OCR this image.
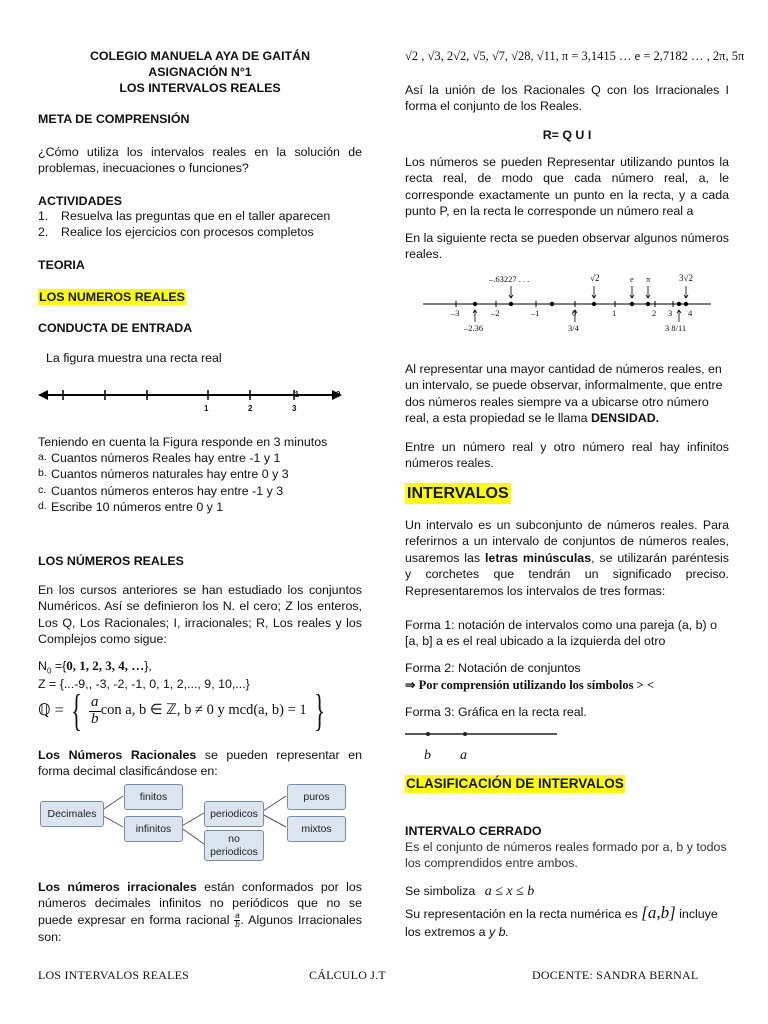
COLEGIO MANUELA AYA DE GAITÁN
ASIGNACIÓN N°1
LOS INTERVALOS REALES
META DE COMPRENSIÓN
¿Cómo utiliza los intervalos reales en la solución de problemas, inecuaciones o funciones?
ACTIVIDADES
1. Resuelva las preguntas que en el taller aparecen
2. Realice los ejercicios con procesos completos
TEORIA
LOS NUMEROS REALES
CONDUCTA DE ENTRADA
La figura muestra una recta real
-1	0
1	2	3
Teniendo en cuenta la Figura responde en 3 minutos
a. Cuantos números Reales hay entre -1 y 1
b. Cuantos números naturales hay entre 0 y 3
c. Cuantos números enteros hay entre -1 y 3
d. Escribe 10 números entre 0 y 1
LOS NÚMEROS REALES
En los cursos anteriores se han estudiado los conjuntos Numéricos. Así se definieron los N. el cero; Z los enteros, Los Q, Los Racionales; I, irracionales; R, Los reales y los Complejos como sigue:
$N_0 =\{0$, 1, 2, 3, 4, …},
Z = {...-9,, -3, -2, -1, 0, 1, 2,..., 9, 10,...}
ℚ = { $\frac{a}{b}$ con a, b ∈ ℤ, b ≠ 0 y mcd(a, b) = 1 }
Los Números Racionales se pueden representar en forma decimal clasificándose en:
Decimales
finitos
infinitos
periodicos
no periodicos
puros
mixtos
Los números irracionales están conformados por los números decimales infinitos no periódicos que no se puede expresar en forma racional $\frac{a}{b}$ . Algunos Irracionales son:
√2 , √3, 2√2, √5, √7, √28, √11, π = 3,1415 … e = 2,7182 … , 2π, 5π
Así la unión de los Racionales Q con los Irracionales I forma el conjunto de los Reales.
R= Q U I
Los números se pueden Representar utilizando puntos la recta real, de modo que cada número real, a, le corresponde exactamente un punto en la recta, y a cada punto P, en la recta le corresponde un número real a
En la siguiente recta se pueden observar algunos números reales.
–.63227 . . .	√2	e π	3√2
–3	–2	–1	0	1	2 3 4
–2.36	3/4	3 8/11
Al representar una mayor cantidad de números reales, en un intervalo, se puede observar, informalmente, que entre dos números reales siempre va a ubicarse otro número real, a esta propiedad se le llama DENSIDAD.
Entre un número real y otro número real hay infinitos números reales.
INTERVALOS
Un intervalo es un subconjunto de números reales. Para referirnos a un intervalo de conjuntos de números reales, usaremos las letras minúsculas, se utilizarán paréntesis y corchetes que tendrán un significado preciso. Representaremos los intervalos de tres formas:
Forma 1: notación de intervalos como una pareja (a, b) o [a, b] a es el real ubicado a la izquierda del otro
Forma 2: Notación de conjuntos
⇒ Por comprensión utilizando los símbolos > <
Forma 3: Gráfica en la recta real.
b a
CLASIFICACIÓN DE INTERVALOS
INTERVALO CERRADO
Es el conjunto de números reales formado por a, b y todos los comprendidos entre ambos.
Se simboliza a ≤ x ≤ b
Su representación en la recta numérica es [a,b] incluye los extremos a y b.
LOS INTERVALOS REALES	CÁLCULO J.T	DOCENTE: SANDRA BERNAL
